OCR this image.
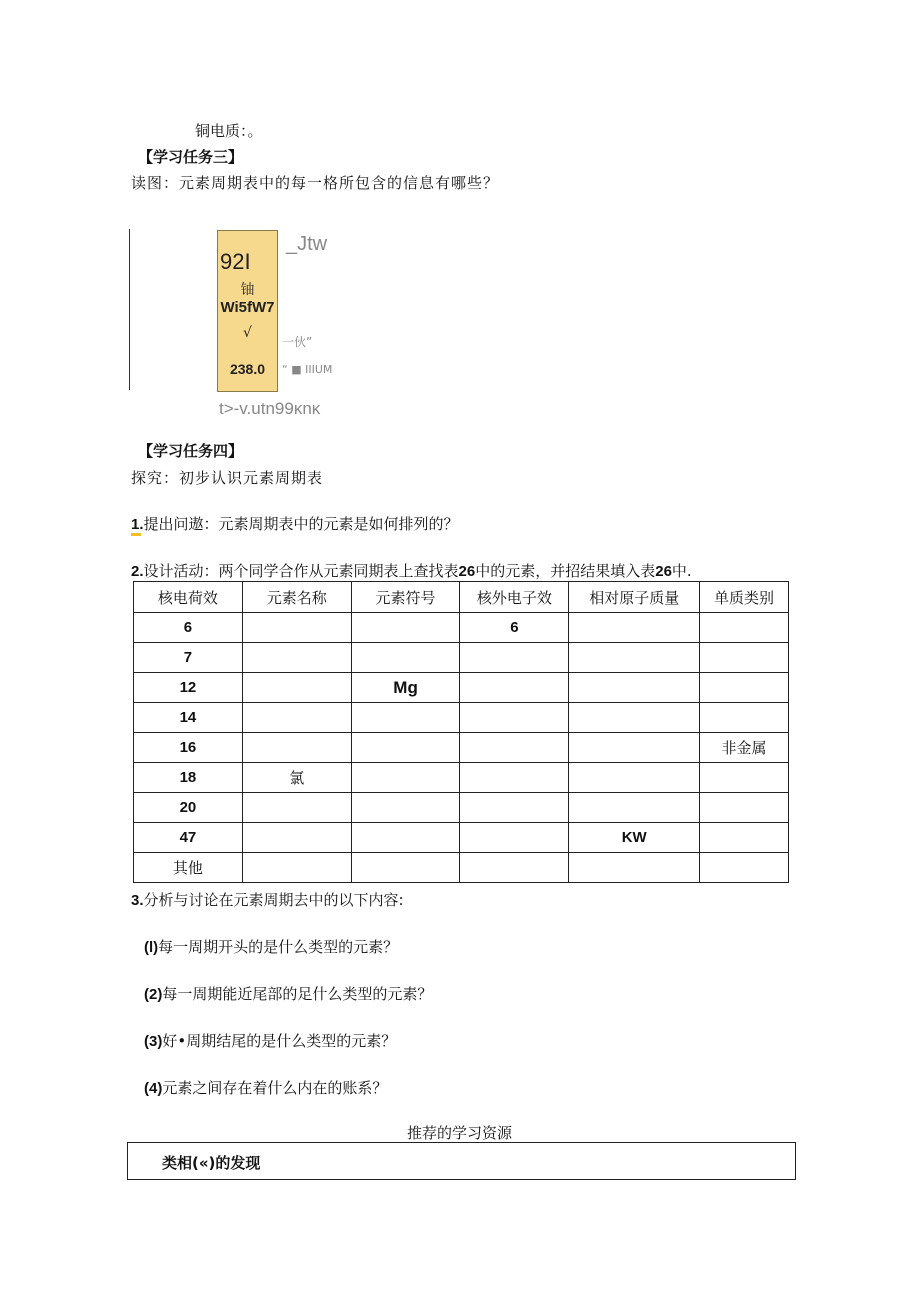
铜电质：。
【学习任务三】
读图：元素周期表中的每一格所包含的信息有哪些？
92I
铀
Wi5fW7
√
238.0
_Jtw
一伙”
“ ■ IIIUM
t>-v.utn99κnκ
【学习任务四】
探究：初步认识元素周期表
1.提出问遨：元素周期表中的元素是如何排列的？
2.设计活动：两个同学合作从元素同期表上查找表26中的元素，并招结果填入表26中.
核电荷效	元素名称	元素符号	核外电子效	相对原子质量	单质类别
6			6		
7					
12		Mg			
14					
16					非金属
18	氯				
20					
47				KW	
其他					
3.分析与讨论在元素周期去中的以下内容:
(l)每一周期开头的是什么类型的元素？
(2)每一周期能近尾部的足什么类型的元素？
(3)好•周期结尾的是什么类型的元素？
(4)元素之间存在着什么内在的账系？
推荐的学习资源
类相(«)的发现
